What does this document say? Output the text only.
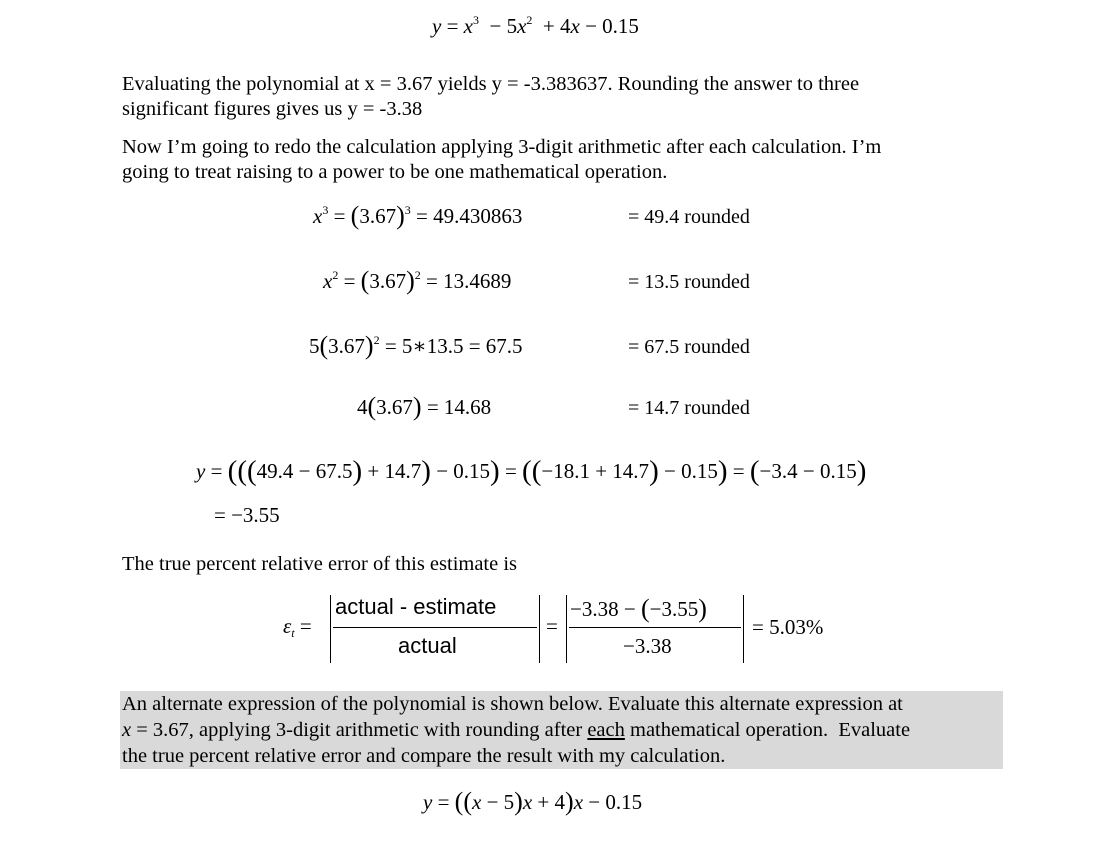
$y = x^3 - 5x^2 + 4x - 0.15$
Evaluating the polynomial at x = 3.67 yields y = -3.383637. Rounding the answer to three
significant figures gives us y = -3.38
Now I’m going to redo the calculation applying 3-digit arithmetic after each calculation. I’m
going to treat raising to a power to be one mathematical operation.
$x^3 = (3.67)^3 = 49.430863$	= 49.4 rounded
$x^2 = (3.67)^2 = 13.4689$	= 13.5 rounded
$5(3.67)^2$ = 5∗13.5 = 67.5	= 67.5 rounded
4(3.67) = 14.68	= 14.7 rounded
y = (((49.4 − 67.5) + 14.7) − 0.15) = ((−18.1 + 14.7) − 0.15) = (−3.4 − 0.15)
= −3.55
The true percent relative error of this estimate is
$\varepsilon_t$ =
actual - estimate
actual
=
−3.38 − (−3.55)
−3.38
= 5.03%
An alternate expression of the polynomial is shown below. Evaluate this alternate expression at
x = 3.67, applying 3-digit arithmetic with rounding after each mathematical operation.  Evaluate
the true percent relative error and compare the result with my calculation.
y = ((x − 5)x + 4)x − 0.15
